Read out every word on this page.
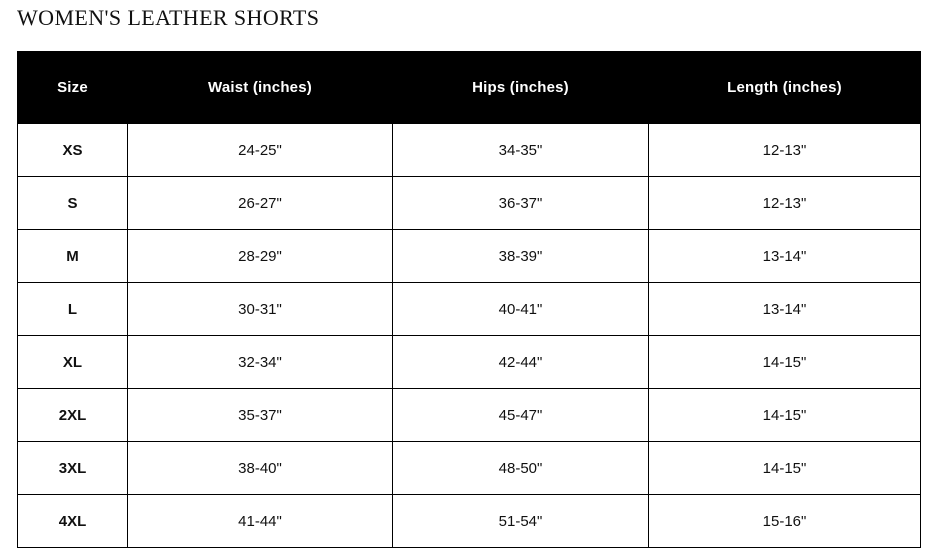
WOMEN'S LEATHER SHORTS
Size	Waist (inches)	Hips (inches)	Length (inches)
XS	24-25"	34-35"	12-13"
S	26-27"	36-37"	12-13"
M	28-29"	38-39"	13-14"
L	30-31"	40-41"	13-14"
XL	32-34"	42-44"	14-15"
2XL	35-37"	45-47"	14-15"
3XL	38-40"	48-50"	14-15"
4XL	41-44"	51-54"	15-16"
